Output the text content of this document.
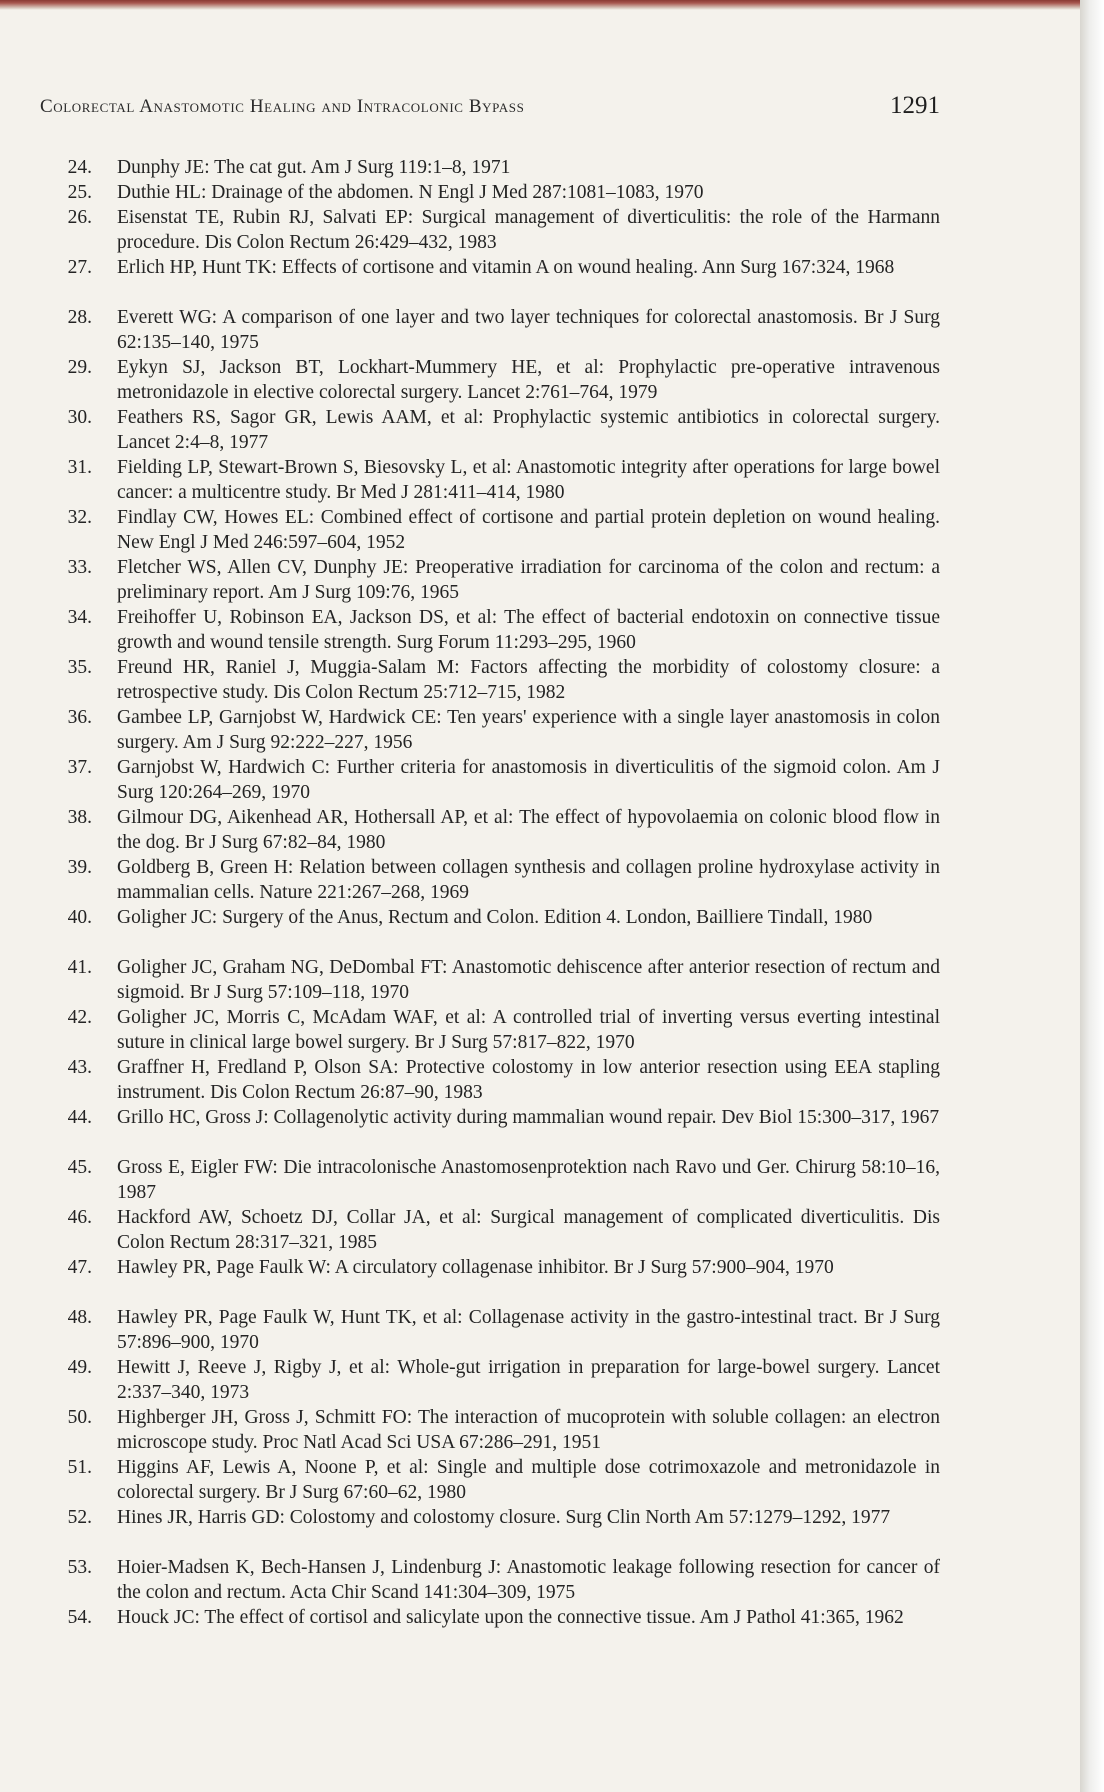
Colorectal Anastomotic Healing and Intracolonic Bypass	1291
24. Dunphy JE: The cat gut. Am J Surg 119:1–8, 1971
25. Duthie HL: Drainage of the abdomen. N Engl J Med 287:1081–1083, 1970
26. Eisenstat TE, Rubin RJ, Salvati EP: Surgical management of diverticulitis: the role of the Harmann procedure. Dis Colon Rectum 26:429–432, 1983
27. Erlich HP, Hunt TK: Effects of cortisone and vitamin A on wound healing. Ann Surg 167:324, 1968
28. Everett WG: A comparison of one layer and two layer techniques for colorectal anastomosis. Br J Surg 62:135–140, 1975
29. Eykyn SJ, Jackson BT, Lockhart-Mummery HE, et al: Prophylactic pre-operative intravenous metronidazole in elective colorectal surgery. Lancet 2:761–764, 1979
30. Feathers RS, Sagor GR, Lewis AAM, et al: Prophylactic systemic antibiotics in colorectal surgery. Lancet 2:4–8, 1977
31. Fielding LP, Stewart-Brown S, Biesovsky L, et al: Anastomotic integrity after operations for large bowel cancer: a multicentre study. Br Med J 281:411–414, 1980
32. Findlay CW, Howes EL: Combined effect of cortisone and partial protein depletion on wound healing. New Engl J Med 246:597–604, 1952
33. Fletcher WS, Allen CV, Dunphy JE: Preoperative irradiation for carcinoma of the colon and rectum: a preliminary report. Am J Surg 109:76, 1965
34. Freihoffer U, Robinson EA, Jackson DS, et al: The effect of bacterial endotoxin on connective tissue growth and wound tensile strength. Surg Forum 11:293–295, 1960
35. Freund HR, Raniel J, Muggia-Salam M: Factors affecting the morbidity of colostomy closure: a retrospective study. Dis Colon Rectum 25:712–715, 1982
36. Gambee LP, Garnjobst W, Hardwick CE: Ten years' experience with a single layer anastomosis in colon surgery. Am J Surg 92:222–227, 1956
37. Garnjobst W, Hardwich C: Further criteria for anastomosis in diverticulitis of the sigmoid colon. Am J Surg 120:264–269, 1970
38. Gilmour DG, Aikenhead AR, Hothersall AP, et al: The effect of hypovolaemia on colonic blood flow in the dog. Br J Surg 67:82–84, 1980
39. Goldberg B, Green H: Relation between collagen synthesis and collagen proline hydroxylase activity in mammalian cells. Nature 221:267–268, 1969
40. Goligher JC: Surgery of the Anus, Rectum and Colon. Edition 4. London, Bailliere Tindall, 1980
41. Goligher JC, Graham NG, DeDombal FT: Anastomotic dehiscence after anterior resection of rectum and sigmoid. Br J Surg 57:109–118, 1970
42. Goligher JC, Morris C, McAdam WAF, et al: A controlled trial of inverting versus everting intestinal suture in clinical large bowel surgery. Br J Surg 57:817–822, 1970
43. Graffner H, Fredland P, Olson SA: Protective colostomy in low anterior resection using EEA stapling instrument. Dis Colon Rectum 26:87–90, 1983
44. Grillo HC, Gross J: Collagenolytic activity during mammalian wound repair. Dev Biol 15:300–317, 1967
45. Gross E, Eigler FW: Die intracolonische Anastomosenprotektion nach Ravo und Ger. Chirurg 58:10–16, 1987
46. Hackford AW, Schoetz DJ, Collar JA, et al: Surgical management of complicated diverticulitis. Dis Colon Rectum 28:317–321, 1985
47. Hawley PR, Page Faulk W: A circulatory collagenase inhibitor. Br J Surg 57:900–904, 1970
48. Hawley PR, Page Faulk W, Hunt TK, et al: Collagenase activity in the gastro-intestinal tract. Br J Surg 57:896–900, 1970
49. Hewitt J, Reeve J, Rigby J, et al: Whole-gut irrigation in preparation for large-bowel surgery. Lancet 2:337–340, 1973
50. Highberger JH, Gross J, Schmitt FO: The interaction of mucoprotein with soluble collagen: an electron microscope study. Proc Natl Acad Sci USA 67:286–291, 1951
51. Higgins AF, Lewis A, Noone P, et al: Single and multiple dose cotrimoxazole and metronidazole in colorectal surgery. Br J Surg 67:60–62, 1980
52. Hines JR, Harris GD: Colostomy and colostomy closure. Surg Clin North Am 57:1279–1292, 1977
53. Hoier-Madsen K, Bech-Hansen J, Lindenburg J: Anastomotic leakage following resection for cancer of the colon and rectum. Acta Chir Scand 141:304–309, 1975
54. Houck JC: The effect of cortisol and salicylate upon the connective tissue. Am J Pathol 41:365, 1962
